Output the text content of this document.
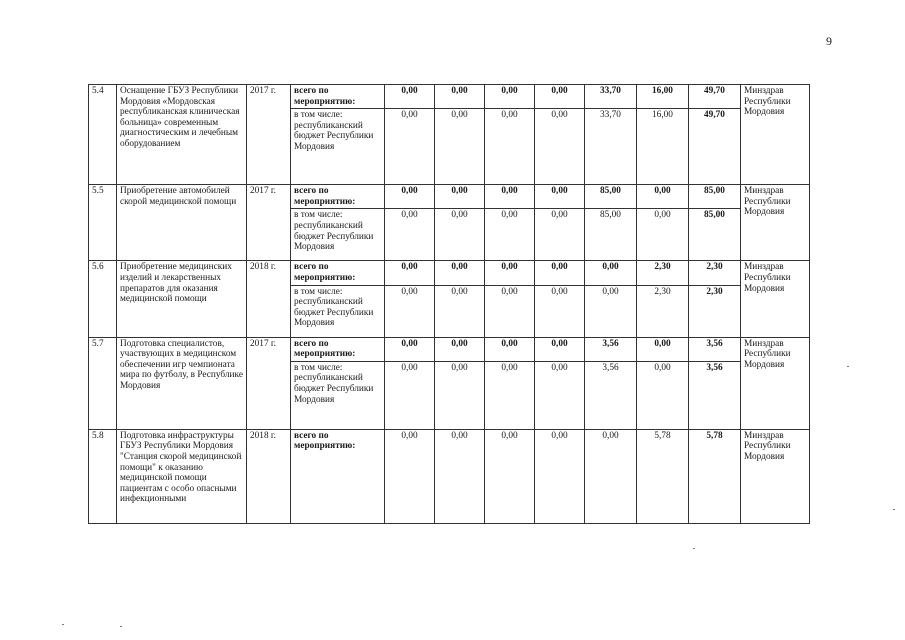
9
5.4	Оснащение ГБУЗ Республики Мордовия «Мордовская республиканская клиническая больница» современным диагностическим и лечебным оборудованием	2017 г.	всего по мероприятию:	0,00	0,00	0,00	0,00	33,70	16,00	49,70	Минздрав Республики Мордовия
			в том числе: республиканский бюджет Республики Мордовия	0,00	0,00	0,00	0,00	33,70	16,00	49,70	
5.5	Приобретение автомобилей скорой медицинской помощи	2017 г.	всего по мероприятию:	0,00	0,00	0,00	0,00	85,00	0,00	85,00	Минздрав Республики Мордовия
			в том числе: республиканский бюджет Республики Мордовия	0,00	0,00	0,00	0,00	85,00	0,00	85,00	
5.6	Приобретение медицинских изделий и лекарственных препаратов для оказания медицинской помощи	2018 г.	всего по мероприятию:	0,00	0,00	0,00	0,00	0,00	2,30	2,30	Минздрав Республики Мордовия
			в том числе: республиканский бюджет Республики Мордовия	0,00	0,00	0,00	0,00	0,00	2,30	2,30	
5.7	Подготовка специалистов, участвующих в медицинском обеспечении игр чемпионата мира по футболу, в Республике Мордовия	2017 г.	всего по мероприятию:	0,00	0,00	0,00	0,00	3,56	0,00	3,56	Минздрав Республики Мордовия
			в том числе: республиканский бюджет Республики Мордовия	0,00	0,00	0,00	0,00	3,56	0,00	3,56	
5.8	Подготовка инфраструктуры ГБУЗ Республики Мордовия "Станция скорой медицинской помощи" к оказанию медицинской помощи пациентам с особо опасными инфекционными	2018 г.	всего по мероприятию:	0,00	0,00	0,00	0,00	0,00	5,78	5,78	Минздрав Республики Мордовия
